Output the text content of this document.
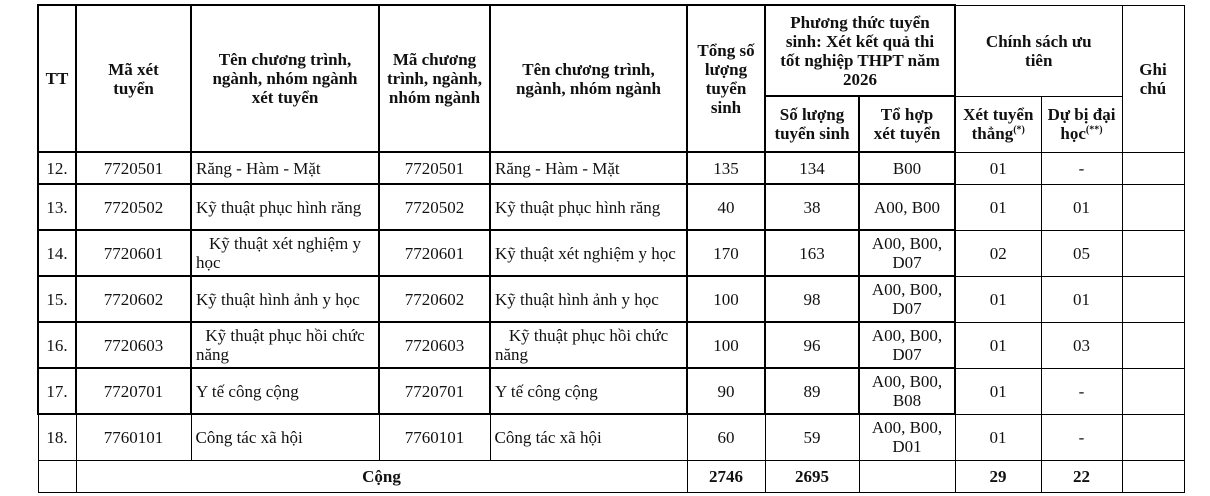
TT	Mã xét tuyển	Tên chương trình, ngành, nhóm ngành xét tuyển	Mã chương trình, ngành, nhóm ngành	Tên chương trình, ngành, nhóm ngành	Tổng số lượng tuyển sinh	Phương thức tuyển sinh: Xét kết quả thi tốt nghiệp THPT năm 2026		Chính sách ưu tiên		Ghi chú
						Số lượng tuyển sinh	Tổ hợp xét tuyển	Xét tuyển thẳng(*)	Dự bị đại học(**)
12.	7720501	Răng - Hàm - Mặt	7720501	Răng - Hàm - Mặt	135	134	B00	01	-	
13.	7720502	Kỹ thuật phục hình răng	7720502	Kỹ thuật phục hình răng	40	38	A00, B00	01	01	
14.	7720601	Kỹ thuật xét nghiệm y học	7720601	Kỹ thuật xét nghiệm y học	170	163	A00, B00, D07	02	05	
15.	7720602	Kỹ thuật hình ảnh y học	7720602	Kỹ thuật hình ảnh y học	100	98	A00, B00, D07	01	01	
16.	7720603	Kỹ thuật phục hồi chức năng	7720603	Kỹ thuật phục hồi chức năng	100	96	A00, B00, D07	01	03	
17.	7720701	Y tế công cộng	7720701	Y tế công cộng	90	89	A00, B00, B08	01	-	
18.	7760101	Công tác xã hội	7760101	Công tác xã hội	60	59	A00, B00, D01	01	-	
	Cộng				2746	2695		29	22	
